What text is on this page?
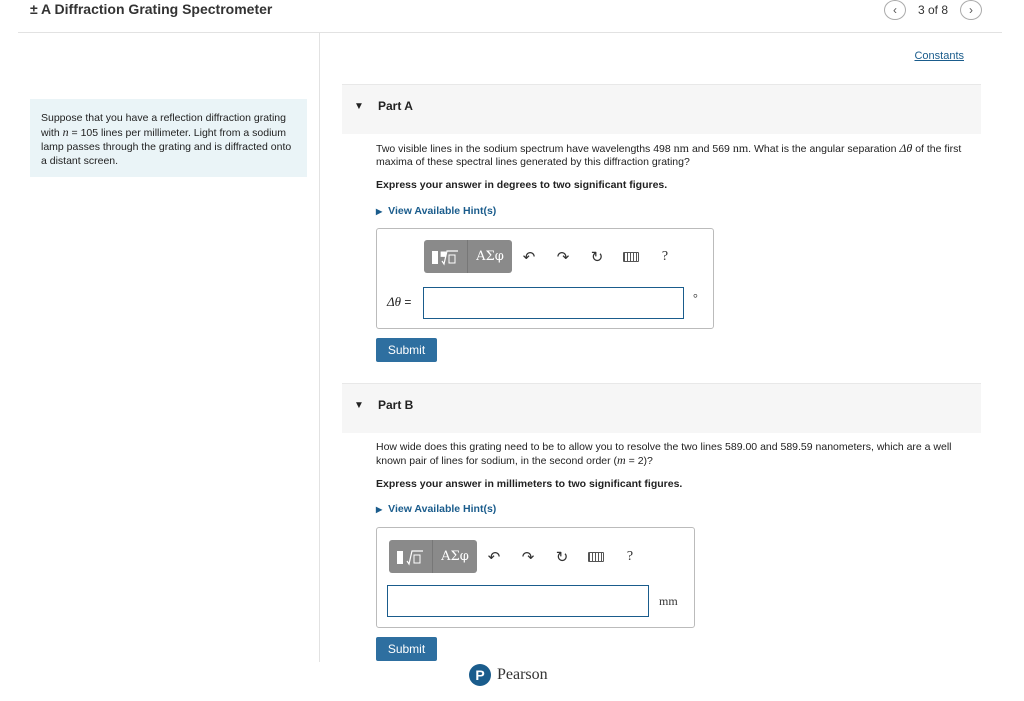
± A Diffraction Grating Spectrometer	‹	3 of 8	›
Suppose that you have a reflection diffraction grating with n = 105 lines per millimeter. Light from a sodium lamp passes through the grating and is diffracted onto a distant screen.
Constants
▼ Part A
Two visible lines in the sodium spectrum have wavelengths 498 nm and 569 nm. What is the angular separation Δθ of the first maxima of these spectral lines generated by this diffraction grating?
Express your answer in degrees to two significant figures.
▶ View Available Hint(s)
■	ΑΣφ	↶	↷	↻	?
Δθ =	°
Submit
▼ Part B
How wide does this grating need to be to allow you to resolve the two lines 589.00 and 589.59 nanometers, which are a well known pair of lines for sodium, in the second order (m = 2)?
Express your answer in millimeters to two significant figures.
▶ View Available Hint(s)
ΑΣφ	↶	↷	↻	?
mm
Submit
P Pearson
